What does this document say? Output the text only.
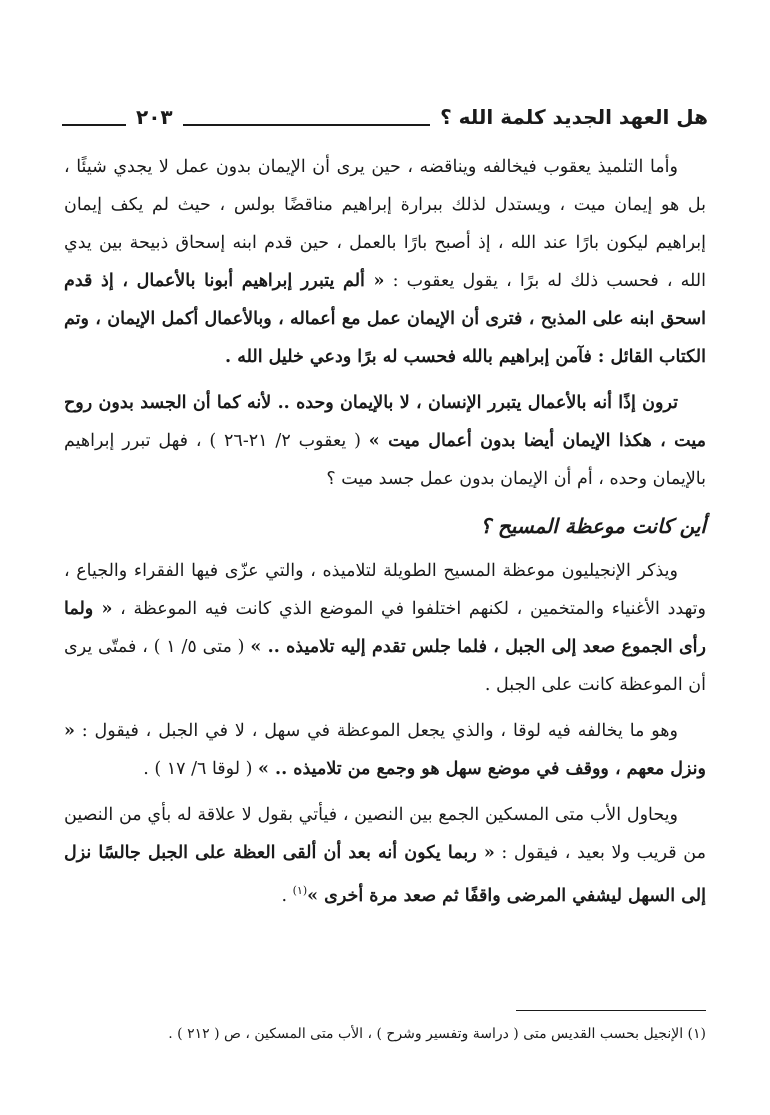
هل العهد الجديد كلمة الله ؟
٢٠٣

وأما التلميذ يعقوب فيخالفه ويناقضه ، حين يرى أن الإيمان بدون عمل لا يجدي شيئًا ، بل هو إيمان ميت ، ويستدل لذلك ببرارة إبراهيم مناقضًا بولس ، حيث لم يكف إيمان إبراهيم ليكون بارًا عند الله ، إذ أصبح بارًا بالعمل ، حين قدم ابنه إسحاق ذبيحة بين يدي الله ، فحسب ذلك له برًا ، يقول يعقوب : « ألم يتبرر إبراهيم أبونا بالأعمال ، إذ قدم اسحق ابنه على المذبح ، فترى أن الإيمان عمل مع أعماله ، وبالأعمال أكمل الإيمان ، وتم الكتاب القائل : فآمن إبراهيم بالله فحسب له برًا ودعي خليل الله .

ترون إذًا أنه بالأعمال يتبرر الإنسان ، لا بالإيمان وحده .. لأنه كما أن الجسد بدون روح ميت ، هكذا الإيمان أيضا بدون أعمال ميت » ( يعقوب ٢/ ٢١-٢٦ ) ، فهل تبرر إبراهيم بالإيمان وحده ، أم أن الإيمان بدون عمل جسد ميت ؟

أين كانت موعظة المسيح ؟

ويذكر الإنجيليون موعظة المسيح الطويلة لتلاميذه ، والتي عزّى فيها الفقراء والجياع ، وتهدد الأغنياء والمتخمين ، لكنهم اختلفوا في الموضع الذي كانت فيه الموعظة ، « ولما رأى الجموع صعد إلى الجبل ، فلما جلس تقدم إليه تلاميذه .. » ( متى ٥/ ١ ) ، فمتّى يرى أن الموعظة كانت على الجبل .

وهو ما يخالفه فيه لوقا ، والذي يجعل الموعظة في سهل ، لا في الجبل ، فيقول : « ونزل معهم ، ووقف في موضع سهل هو وجمع من تلاميذه .. » ( لوقا ٦/ ١٧ ) .

ويحاول الأب متى المسكين الجمع بين النصين ، فيأتي بقول لا علاقة له بأي من النصين من قريب ولا بعيد ، فيقول : « ربما يكون أنه بعد أن ألقى العظة على الجبل جالسًا نزل إلى السهل ليشفي المرضى واقفًا ثم صعد مرة أخرى »$^{(١)}$ .

(١) الإنجيل بحسب القديس متى ( دراسة وتفسير وشرح ) ، الأب متى المسكين ، ص ( ٢١٢ ) .
